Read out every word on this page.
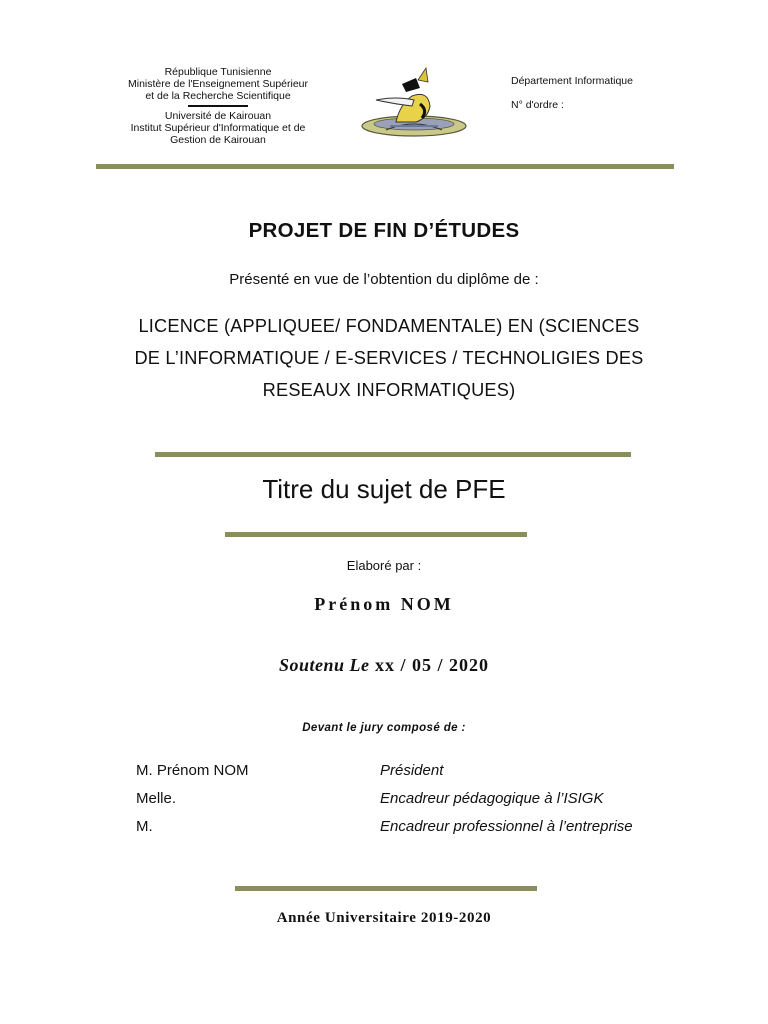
République Tunisienne
Ministère de l'Enseignement Supérieur
et de la Recherche Scientifique
Université de Kairouan
Institut Supérieur d'Informatique et de
Gestion de Kairouan
Département Informatique
N° d'ordre :
PROJET DE FIN D’ÉTUDES
Présenté en vue de l’obtention du diplôme de :
LICENCE (APPLIQUEE/ FONDAMENTALE) EN (SCIENCES
DE L’INFORMATIQUE / E-SERVICES / TECHNOLIGIES DES
RESEAUX INFORMATIQUES)
Titre du sujet de PFE
Elaboré par :
Prénom NOM
Soutenu Le xx / 05 / 2020
Devant le jury composé de :
M. Prénom NOM
Melle.
M.
Président
Encadreur pédagogique à l’ISIGK
Encadreur professionnel à l’entreprise
Année Universitaire 2019-2020
